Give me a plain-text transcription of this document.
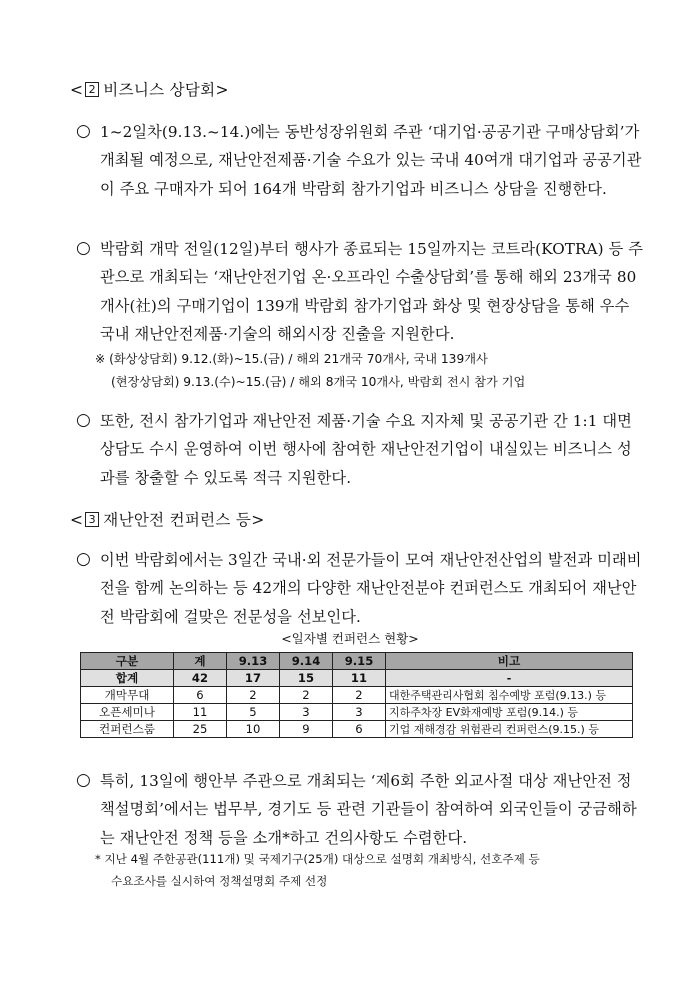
< 2 비즈니스 상담회>
○ 1~2일차(9.13.~14.)에는 동반성장위원회 주관 ‘대기업·공공기관 구매상담회’가 개최될 예정으로, 재난안전제품·기술 수요가 있는 국내 40여개 대기업과 공공기관이 주요 구매자가 되어 164개 박람회 참가기업과 비즈니스 상담을 진행한다.
○ 박람회 개막 전일(12일)부터 행사가 종료되는 15일까지는 코트라(KOTRA) 등 주관으로 개최되는 ‘재난안전기업 온·오프라인 수출상담회’를 통해 해외 23개국 80개사(社)의 구매기업이 139개 박람회 참가기업과 화상 및 현장상담을 통해 우수 국내 재난안전제품·기술의 해외시장 진출을 지원한다.
※ (화상상담회) 9.12.(화)~15.(금) / 해외 21개국 70개사, 국내 139개사
(현장상담회) 9.13.(수)~15.(금) / 해외 8개국 10개사, 박람회 전시 참가 기업
○ 또한, 전시 참가기업과 재난안전 제품·기술 수요 지자체 및 공공기관 간 1:1 대면상담도 수시 운영하여 이번 행사에 참여한 재난안전기업이 내실있는 비즈니스 성과를 창출할 수 있도록 적극 지원한다.
< 3 재난안전 컨퍼런스 등>
○ 이번 박람회에서는 3일간 국내·외 전문가들이 모여 재난안전산업의 발전과 미래비전을 함께 논의하는 등 42개의 다양한 재난안전분야 컨퍼런스도 개최되어 재난안전 박람회에 걸맞은 전문성을 선보인다.
<일자별 컨퍼런스 현황>
구분	계	9.13	9.14	9.15	비고
합계	42	17	15	11	-
개막무대	6	2	2	2	대한주택관리사협회 침수예방 포럼(9.13.) 등
오픈세미나	11	5	3	3	지하주차장 EV화재예방 포럼(9.14.) 등
컨퍼런스룸	25	10	9	6	기업 재해경감 위험관리 컨퍼런스(9.15.) 등
○ 특히, 13일에 행안부 주관으로 개최되는 ‘제6회 주한 외교사절 대상 재난안전 정책설명회’에서는 법무부, 경기도 등 관련 기관들이 참여하여 외국인들이 궁금해하는 재난안전 정책 등을 소개*하고 건의사항도 수렴한다.
* 지난 4월 주한공관(111개) 및 국제기구(25개) 대상으로 설명회 개최방식, 선호주제 등
수요조사를 실시하여 정책설명회 주제 선정
